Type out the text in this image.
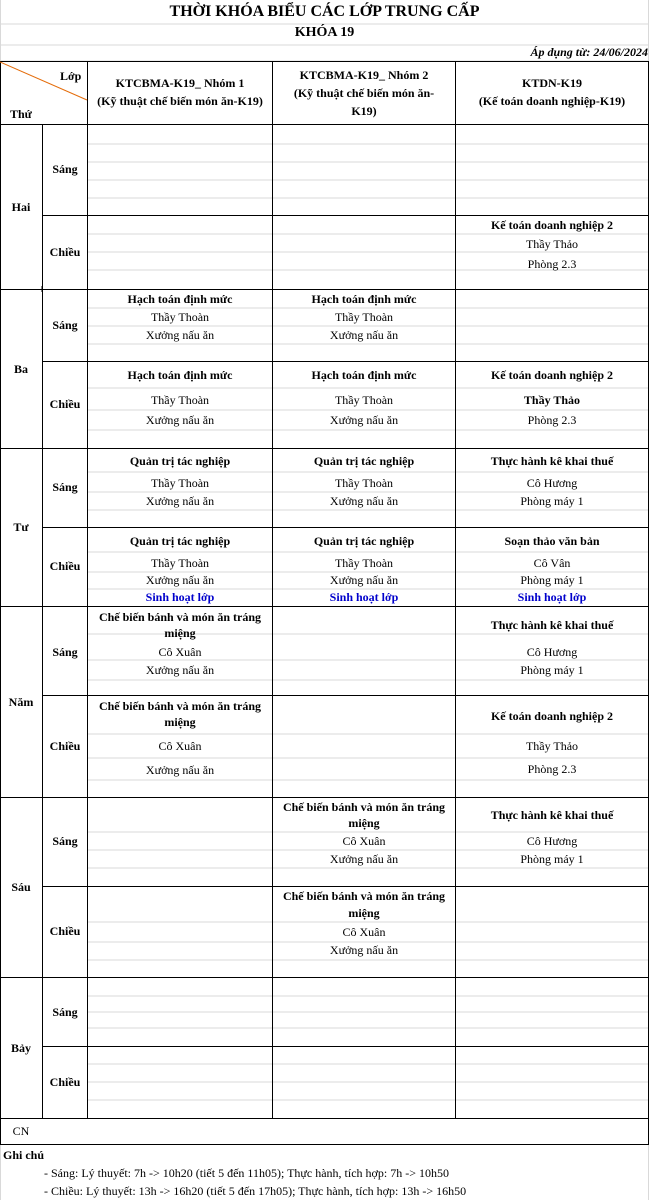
THỜI KHÓA BIỂU CÁC LỚP TRUNG CẤP
KHÓA 19
Áp dụng từ: 24/06/2024
Lớp
Thứ
KTCBMA-K19_ Nhóm 1
(Kỹ thuật chế biến món ăn-K19)
KTCBMA-K19_ Nhóm 2
(Kỹ thuật chế biến món ăn-
K19)
KTDN-K19
(Kế toán doanh nghiệp-K19)
Hai
Ba
Tư
Năm
Sáu
Bảy
CN
Sáng
Chiều
Sáng
Chiều
Sáng
Chiều
Sáng
Chiều
Sáng
Chiều
Sáng
Chiều
Kế toán doanh nghiệp 2
Thầy Thảo
Phòng 2.3
Hạch toán định mức
Thầy Thoàn
Xưởng nấu ăn
Hạch toán định mức
Thầy Thoàn
Xưởng nấu ăn
Hạch toán định mức
Thầy Thoàn
Xưởng nấu ăn
Hạch toán định mức
Thầy Thoàn
Xưởng nấu ăn
Kế toán doanh nghiệp 2
Thầy Thảo
Phòng 2.3
Quản trị tác nghiệp
Thầy Thoàn
Xưởng nấu ăn
Quản trị tác nghiệp
Thầy Thoàn
Xưởng nấu ăn
Thực hành kê khai thuế
Cô Hương
Phòng máy 1
Quản trị tác nghiệp
Thầy Thoàn
Xưởng nấu ăn
Sinh hoạt lớp
Quản trị tác nghiệp
Thầy Thoàn
Xưởng nấu ăn
Sinh hoạt lớp
Soạn thảo văn bản
Cô Vân
Phòng máy 1
Sinh hoạt lớp
Chế biến bánh và món ăn tráng
miệng
Cô Xuân
Xưởng nấu ăn
Thực hành kê khai thuế
Cô Hương
Phòng máy 1
Chế biến bánh và món ăn tráng
miệng
Cô Xuân
Xưởng nấu ăn
Kế toán doanh nghiệp 2
Thầy Thảo
Phòng 2.3
Chế biến bánh và món ăn tráng
miệng
Cô Xuân
Xưởng nấu ăn
Thực hành kê khai thuế
Cô Hương
Phòng máy 1
Chế biến bánh và món ăn tráng
miệng
Cô Xuân
Xưởng nấu ăn
Ghi chú
- Sáng: Lý thuyết: 7h -> 10h20 (tiết 5 đến 11h05); Thực hành, tích hợp: 7h -> 10h50
- Chiều: Lý thuyết: 13h -> 16h20 (tiết 5 đến 17h05); Thực hành, tích hợp: 13h -> 16h50
